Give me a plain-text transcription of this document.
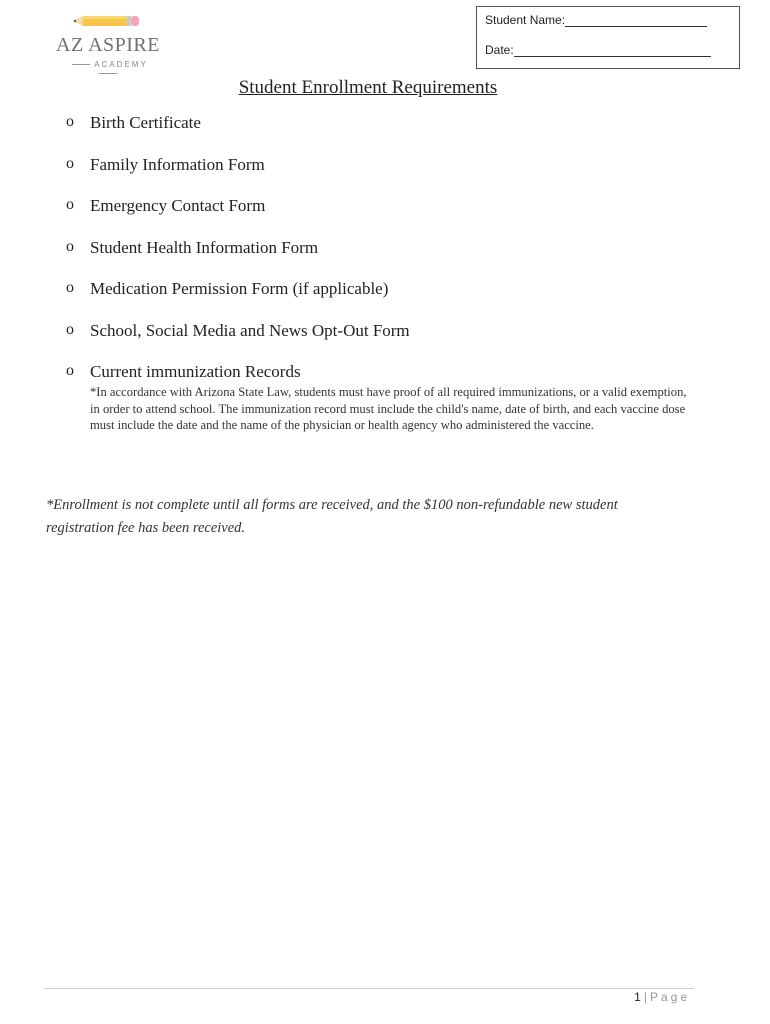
AZ ASPIRE
ACADEMY
Student Name:
Date:
Student Enrollment Requirements
o Birth Certificate
o Family Information Form
o Emergency Contact Form
o Student Health Information Form
o Medication Permission Form (if applicable)
o School, Social Media and News Opt-Out Form
o Current immunization Records
*In accordance with Arizona State Law, students must have proof of all required immunizations, or a valid exemption, in order to attend school. The immunization record must include the child's name, date of birth, and each vaccine dose must include the date and the name of the physician or health agency who administered the vaccine.
*Enrollment is not complete until all forms are received, and the $100 non-refundable new student registration fee has been received.
1 | Page
